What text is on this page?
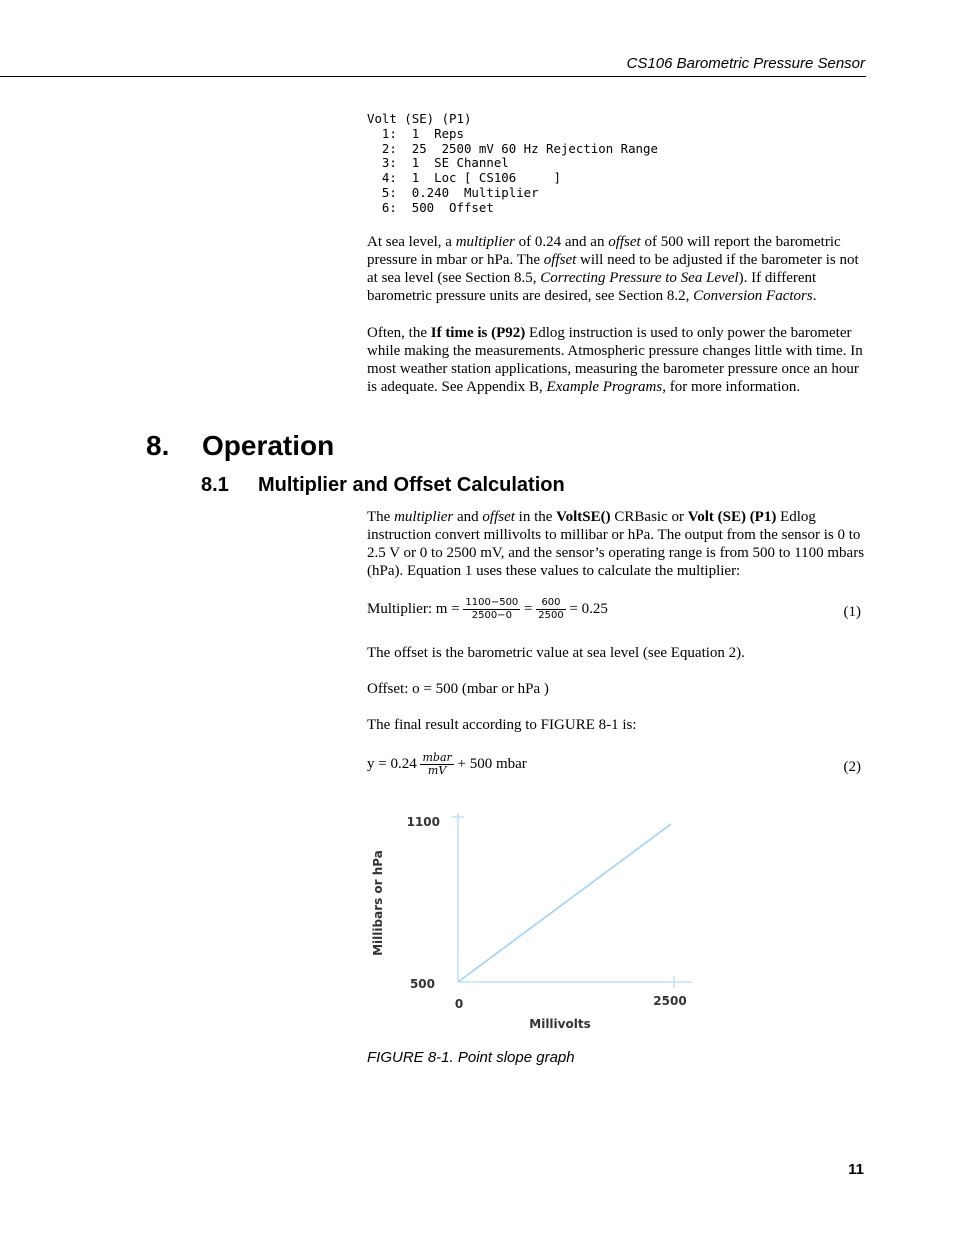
CS106 Barometric Pressure Sensor
Volt (SE) (P1)
1:  1  Reps
2:  25  2500 mV 60 Hz Rejection Range
3:  1  SE Channel
4:  1  Loc [ CS106     ]
5:  0.240  Multiplier
6:  500  Offset

At sea level, a multiplier of 0.24 and an offset of 500 will report the barometric pressure in mbar or hPa. The offset will need to be adjusted if the barometer is not at sea level (see Section 8.5, Correcting Pressure to Sea Level). If different barometric pressure units are desired, see Section 8.2, Conversion Factors.

Often, the If time is (P92) Edlog instruction is used to only power the barometer while making the measurements. Atmospheric pressure changes little with time. In most weather station applications, measuring the barometer pressure once an hour is adequate. See Appendix B, Example Programs, for more information.

8. Operation
8.1 Multiplier and Offset Calculation

The multiplier and offset in the VoltSE() CRBasic or Volt (SE) (P1) Edlog instruction convert millivolts to millibar or hPa. The output from the sensor is 0 to 2.5 V or 0 to 2500 mV, and the sensor’s operating range is from 500 to 1100 mbars (hPa). Equation 1 uses these values to calculate the multiplier:

Multiplier: $m = \frac{1100-500}{2500-0} = \frac{600}{2500} = 0.25$	(1)

The offset is the barometric value at sea level (see Equation 2).

Offset: o = 500 (mbar or hPa )

The final result according to FIGURE 8-1 is:

$y = 0.24 \frac{\text{mbar}}{mV} + 500$ mbar	(2)
1100
500
0	2500
Millivolts
Millibars or hPa
FIGURE 8-1. Point slope graph
11
